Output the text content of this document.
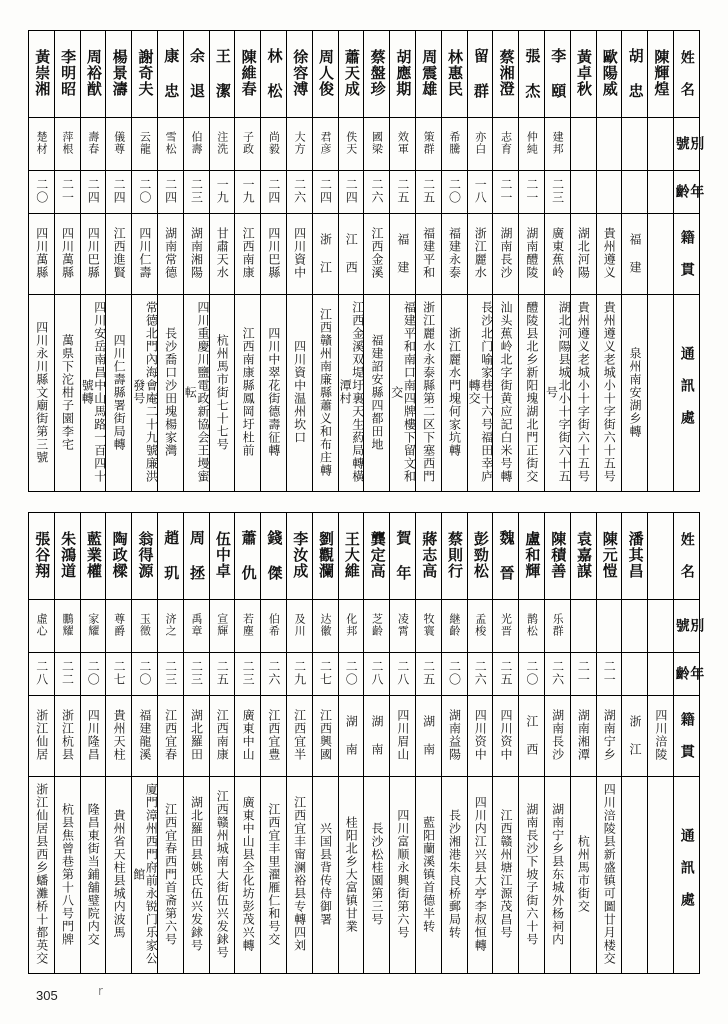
黃崇湘	李明昭	周裕猷	楊景濤	謝奇夫	康 忠	余 退	王 潔	陳維春	林 松	徐容溥	周人俊	蕭天成	蔡盤珍	胡應期	周震雄	林惠民	留 群	蔡湘澄	張 杰	李 頤	黃卓秋	歐陽威	胡 忠	陳輝煌	姓 名

楚材	萍根	壽春	儀尊	云龍	雪松	伯壽	注洗	子政	尚毅	大方	君彦	佚天	國梁	效軍	策群	希騰	亦白	志育	仲純	建邦					別 號

二〇	二一	二四	二四	二〇	二四	二三	一九	一九	二四	二六	二四	二四	二六	二五	二五	二〇	一八	二一	二一	二三					年 齡

四川萬縣	四川萬縣	四川巴縣	江西進賢	四川仁壽	湖南常德	湖南湘陽	甘肅天水	江西南康	四川巴縣	四川資中	浙 江	江 西	江西金溪	福 建	福建平和	福建永泰	浙江麗水	湖南長沙	湖南醴陵	廣東蕉岭	湖北河陽	貴州遵义	福 建		籍 貫

四川永川縣文廟街第三號	萬県下沱柑子園李宅	四川安岳南昌中山馬路一百四十號轉	四川仁壽縣署街局轉	常德北門內海會庵二十九號廉洪發号	長沙喬口沙田塊楊家灣	四川重慶川鹽電政新協会王墁蜜転	杭州馬市街七十七号	江西南康縣鳳岡圩杜前	四川中翠花街德壽征轉	四川資中温州坎口	江西贛州南廉縣蕭义和布庄轉	江西金溪双堤圩裏天生葯局轉橫潭村	福建詔安縣四都田地	福建平和南口南四牌樓下留文和交	浙江麗水永泰縣第二区下塞西門	浙江麗水門塊何家坑轉	長沙北门喻家巷十六号福田幸庐轉交	汕头蕉岭北字街黄应記白米号轉	醴陵县北乡新阳塊湖北門正街交	湖北河陽县城北小十字街六十五号	貴州遵义老城小十字街六十五号	貴州遵义老城小十字街六十五号	泉州南安湖乡轉		通 訊 處
張谷翔	朱鴻道	藍業權	陶政樑	翁得源	趙 玑	周 拯	伍中卓	蕭 仇	錢 傑	李汝成	劉觀瀾	王大維	龔定高	賀 年	蔣志高	蔡則行	彭勁松	魏 晉	盧和輝	陳積善	袁嘉謀	陳元愷	潘其昌		姓 名

虛心	鵬耀	家耀	尊爵	玉徵	济之	禹章	宣輝	若塵	伯希	及川	达徽	化邦	芝齡	凌霄	牧寰	継齡	孟梭	光晋	鹊松	乐群					別 號

二八	二二	二〇	二七	二〇	二三	二三	二五	二三	二六	二九	二七	二〇	二八	二八	二五	二〇	二六	二五	二〇	二六	二一	二一			年 齡

浙江仙居	浙江杭县	四川隆昌	貴州天柱	福建龍溪	江西宜春	湖北羅田	江西南康	廣東中山	江西宜豊	江西宜半	江西興國	湖 南	湖 南	四川眉山	湖 南	湖南益陽	四川资中	四川资中	江 西	湖南長沙	湖南湘潭	湖南宁乡	浙 江	四川涪陵	籍 貫

浙江仙居县西乡蟠灘桥十都英交	杭县焦曾巷第十八号門牌	隆昌東街当鋪舖璧院内交	貴州省天柱县城内波馬	廈門漳州西門府前永锐门乐家公館	江西宜春西門首斋第六号	湖北羅田县姚氏伍兴发銶号	江西赣州城南大街伍兴发銶号	廣東中山县全化坊彭茂兴轉	江西宜丰里濯雁仁和号交	江西宜丰甯澜裕县专轉四刘	兴国县背传侍御署	桂阳北乡大富镇甘業	長沙松桂園第三号	四川富顺永興街第六号	藍阳蘭溪镇首德半转	長沙湘港朱良桥郵局转	四川内江兴县大亭李叔恒轉	江西赣州塘江源茂昌号	湖南長沙下坡子街六十号	湖南宁乡县东城外杨祠内	杭州馬市街交	四川涪陵县新盛镇可圖廿月楼交			通 訊 處
305	r
